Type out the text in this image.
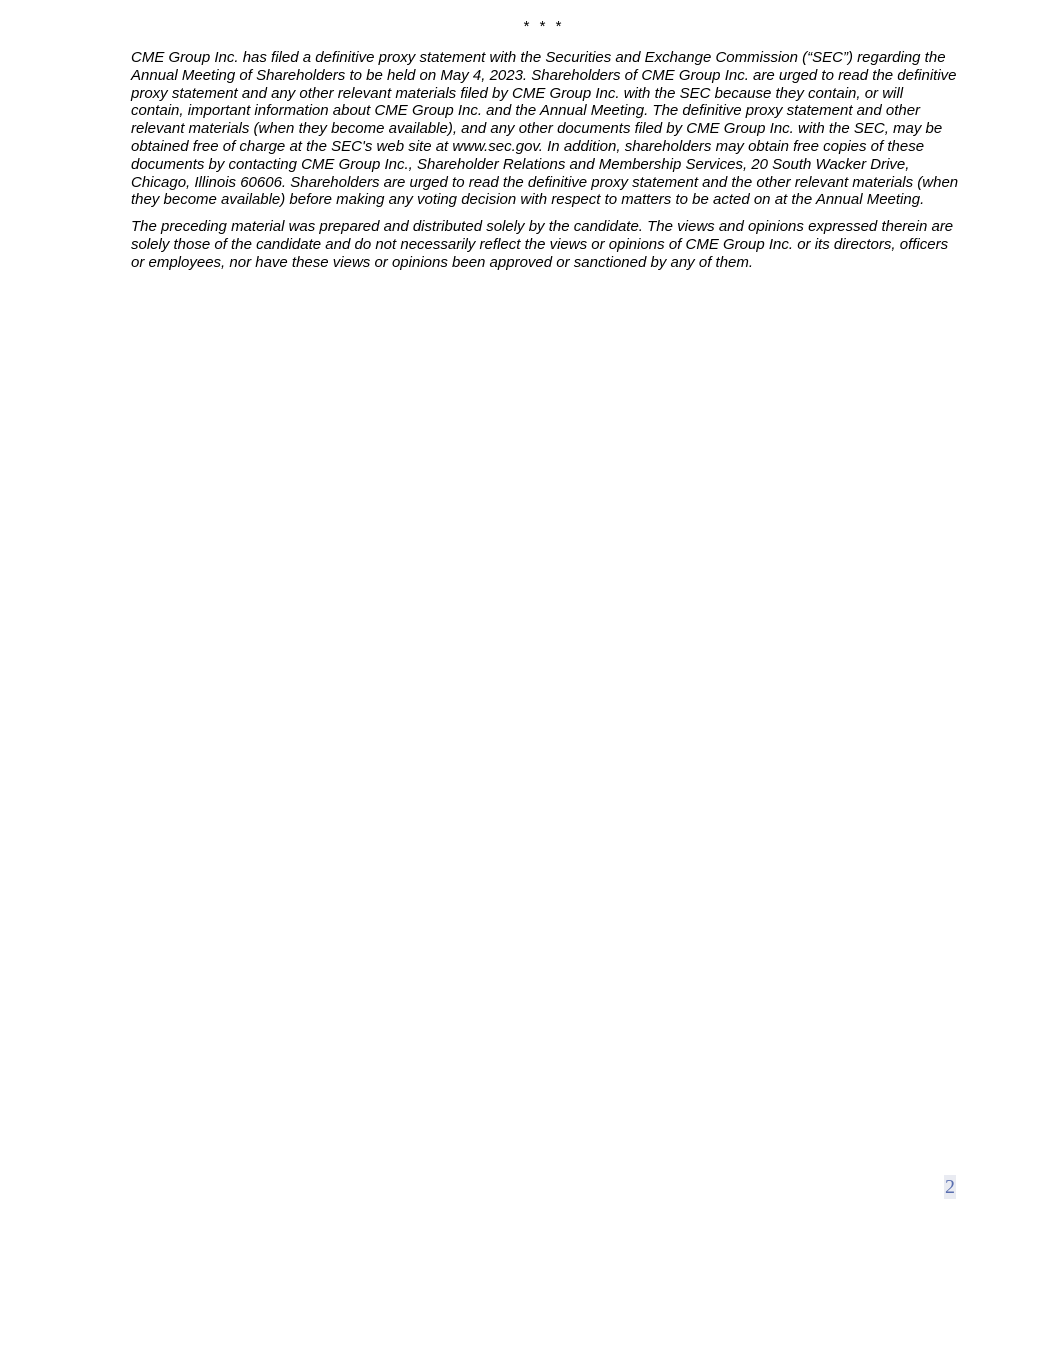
* * *

CME Group Inc. has filed a definitive proxy statement with the Securities and Exchange Commission (“SEC”) regarding the Annual Meeting of Shareholders to be held on May 4, 2023. Shareholders of CME Group Inc. are urged to read the definitive proxy statement and any other relevant materials filed by CME Group Inc. with the SEC because they contain, or will contain, important information about CME Group Inc. and the Annual Meeting. The definitive proxy statement and other relevant materials (when they become available), and any other documents filed by CME Group Inc. with the SEC, may be obtained free of charge at the SEC's web site at www.sec.gov. In addition, shareholders may obtain free copies of these documents by contacting CME Group Inc., Shareholder Relations and Membership Services, 20 South Wacker Drive, Chicago, Illinois 60606. Shareholders are urged to read the definitive proxy statement and the other relevant materials (when they become available) before making any voting decision with respect to matters to be acted on at the Annual Meeting.

The preceding material was prepared and distributed solely by the candidate. The views and opinions expressed therein are solely those of the candidate and do not necessarily reflect the views or opinions of CME Group Inc. or its directors, officers or employees, nor have these views or opinions been approved or sanctioned by any of them.

2
